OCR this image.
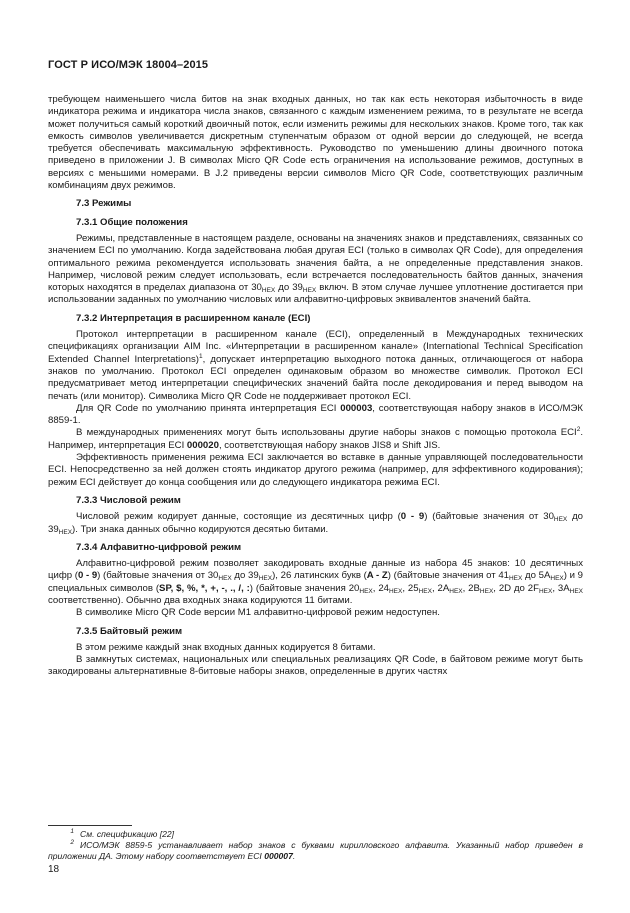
ГОСТ Р ИСО/МЭК 18004–2015

требующем наименьшего числа битов на знак входных данных, но так как есть некоторая избыточность в виде индикатора режима и индикатора числа знаков, связанного с каждым изменением режима, то в результате не всегда может получиться самый короткий двоичный поток, если изменить режимы для нескольких знаков. Кроме того, так как емкость символов увеличивается дискретным ступенчатым образом от одной версии до следующей, не всегда требуется обеспечивать максимальную эффективность. Руководство по уменьшению длины двоичного потока приведено в приложении J. В символах Micro QR Code есть ограничения на использование режимов, доступных в версиях с меньшими номерами. В J.2 приведены версии символов Micro QR Code, соответствующих различным комбинациям двух режимов.

7.3 Режимы
7.3.1 Общие положения

Режимы, представленные в настоящем разделе, основаны на значениях знаков и представлениях, связанных со значением ECI по умолчанию. Когда задействована любая другая ECI (только в символах QR Code), для определения оптимального режима рекомендуется использовать значения байта, а не определенные представления знаков. Например, числовой режим следует использовать, если встречается последовательность байтов данных, значения которых находятся в пределах диапазона от $30_{HEX}$ до $39_{HEX}$ включ. В этом случае лучшее уплотнение достигается при использовании заданных по умолчанию числовых или алфавитно-цифровых эквивалентов значений байта.

7.3.2 Интерпретация в расширенном канале (ECI)

Протокол интерпретации в расширенном канале (ECI), определенный в Международных технических спецификациях организации AIM Inc. «Интерпретации в расширенном канале» (International Technical Specification Extended Channel Interpretations)$^1$, допускает интерпретацию выходного потока данных, отличающегося от набора знаков по умолчанию. Протокол ECI определен одинаковым образом во множестве символик. Протокол ECI предусматривает метод интерпретации специфических значений байта после декодирования и перед выводом на печать (или монитор). Символика Micro QR Code не поддерживает протокол ECI.

Для QR Code по умолчанию принята интерпретация ECI 000003, соответствующая набору знаков в ИСО/МЭК 8859-1.

В международных применениях могут быть использованы другие наборы знаков с помощью протокола ECI$^2$. Например, интерпретация ECI 000020, соответствующая набору знаков JIS8 и Shift JIS.

Эффективность применения режима ECI заключается во вставке в данные управляющей последовательности ECI. Непосредственно за ней должен стоять индикатор другого режима (например, для эффективного кодирования); режим ECI действует до конца сообщения или до следующего индикатора режима ECI.

7.3.3 Числовой режим

Числовой режим кодирует данные, состоящие из десятичных цифр (0 - 9) (байтовые значения от $30_{HEX}$ до $39_{HEX}$). Три знака данных обычно кодируются десятью битами.

7.3.4 Алфавитно-цифровой режим

Алфавитно-цифровой режим позволяет закодировать входные данные из набора 45 знаков: 10 десятичных цифр (0 - 9) (байтовые значения от $30_{HEX}$ до $39_{HEX}$), 26 латинских букв (A - Z) (байтовые значения от $41_{HEX}$ до $5A_{HEX}$) и 9 специальных символов (SP, $, %, *, +, -, ., /, :) (байтовые значения $20_{HEX}$, $24_{HEX}$, $25_{HEX}$, $2A_{HEX}$, $2B_{HEX}$, 2D до $2F_{HEX}$, $3A_{HEX}$ соответственно). Обычно два входных знака кодируются 11 битами.

В символике Micro QR Code версии M1 алфавитно-цифровой режим недоступен.

7.3.5 Байтовый режим

В этом режиме каждый знак входных данных кодируется 8 битами.

В замкнутых системах, национальных или специальных реализациях QR Code, в байтовом режиме могут быть закодированы альтернативные 8-битовые наборы знаков, определенные в других частях

$^1$ См. спецификацию [22]

$^2$ ИСО/МЭК 8859-5 устанавливает набор знаков с буквами кирилловского алфавита. Указанный набор приведен в приложении ДА. Этому набору соответствует ECI 000007.

18
